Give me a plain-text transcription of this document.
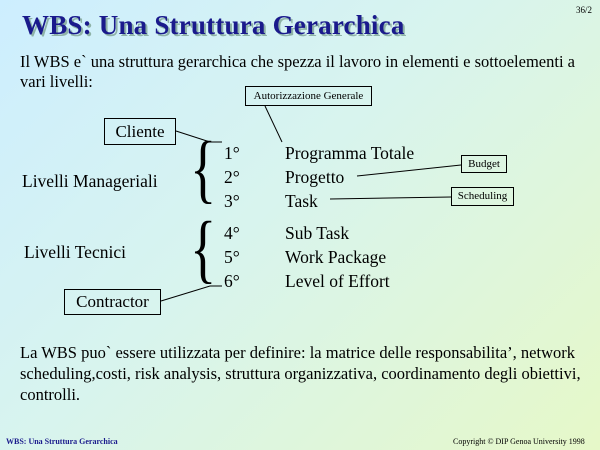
WBS: Una Struttura Gerarchica	36/2
Il WBS e` una struttura gerarchica che spezza il lavoro in elementi e sottoelementi a vari livelli:
Autorizzazione Generale
Cliente
Contractor
Budget
Scheduling
Livelli Manageriali
Livelli Tecnici
{
{
1°
2°
3°
4°
5°
6°
Programma Totale
Progetto
Task
Sub Task
Work Package
Level of Effort
La WBS puo` essere utilizzata per definire: la matrice delle responsabilita’, network scheduling,costi, risk analysis, struttura organizzativa, coordinamento degli obiettivi, controlli.
WBS: Una Struttura Gerarchica	Copyright © DIP Genoa University 1998
